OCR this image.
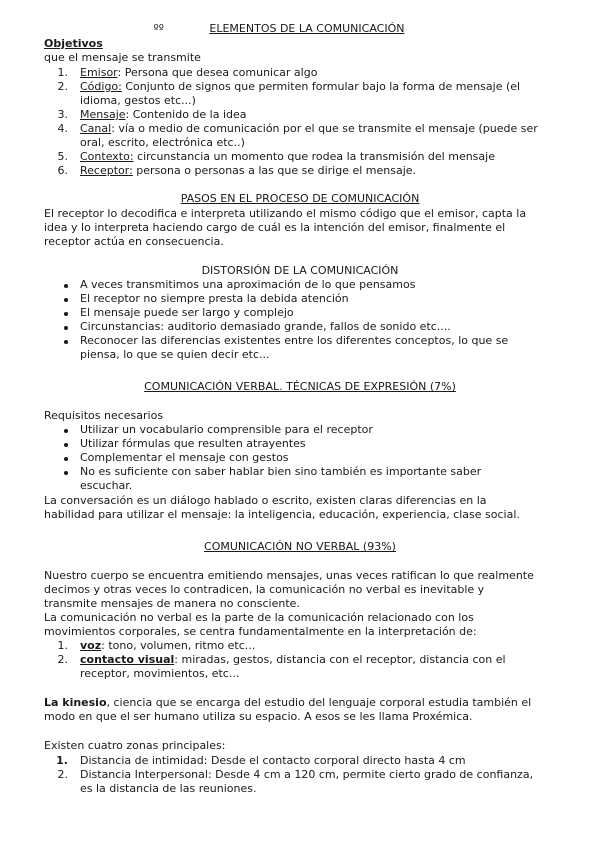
ºº	ELEMENTOS DE LA COMUNICACIÓN
Objetivos
que el mensaje se transmite
1. Emisor: Persona que desea comunicar algo
2. Código: Conjunto de signos que permiten formular bajo la forma de mensaje (el
idioma, gestos etc...)
3. Mensaje: Contenido de la idea
4. Canal: vía o medio de comunicación por el que se transmite el mensaje (puede ser
oral, escrito, electrónica etc..)
5. Contexto: circunstancia un momento que rodea la transmisión del mensaje
6. Receptor: persona o personas a las que se dirige el mensaje.
PASOS EN EL PROCESO DE COMUNICACIÓN
El receptor lo decodifica e interpreta utilizando el mismo código que el emisor, capta la
idea y lo interpreta haciendo cargo de cuál es la intención del emisor, finalmente el
receptor actúa en consecuencia.
DISTORSIÓN DE LA COMUNICACIÓN
A veces transmitimos una aproximación de lo que pensamos
El receptor no siempre presta la debida atención
El mensaje puede ser largo y complejo
Circunstancias: auditorio demasiado grande, fallos de sonido etc....
Reconocer las diferencias existentes entre los diferentes conceptos, lo que se
piensa, lo que se quien decir etc...
COMUNICACIÓN VERBAL. TÉCNICAS DE EXPRESIÓN (7%)
Requisitos necesarios
Utilizar un vocabulario comprensible para el receptor
Utilizar fórmulas que resulten atrayentes
Complementar el mensaje con gestos
No es suficiente con saber hablar bien sino también es importante saber
escuchar.
La conversación es un diálogo hablado o escrito, existen claras diferencias en la
habilidad para utilizar el mensaje: la inteligencia, educación, experiencia, clase social.
COMUNICACIÓN NO VERBAL (93%)
Nuestro cuerpo se encuentra emitiendo mensajes, unas veces ratifican lo que realmente
decimos y otras veces lo contradicen, la comunicación no verbal es inevitable y
transmite mensajes de manera no consciente.
La comunicación no verbal es la parte de la comunicación relacionado con los
movimientos corporales, se centra fundamentalmente en la interpretación de:
1. voz: tono, volumen, ritmo etc...
2. contacto visual: miradas, gestos, distancia con el receptor, distancia con el
receptor, movimientos, etc...
La kinesio, ciencia que se encarga del estudio del lenguaje corporal estudia también el
modo en que el ser humano utiliza su espacio. A esos se les llama Proxémica.
Existen cuatro zonas principales:
1. Distancia de intimidad: Desde el contacto corporal directo hasta 4 cm
2. Distancia Interpersonal: Desde 4 cm a 120 cm, permite cierto grado de confianza,
es la distancia de las reuniones.
